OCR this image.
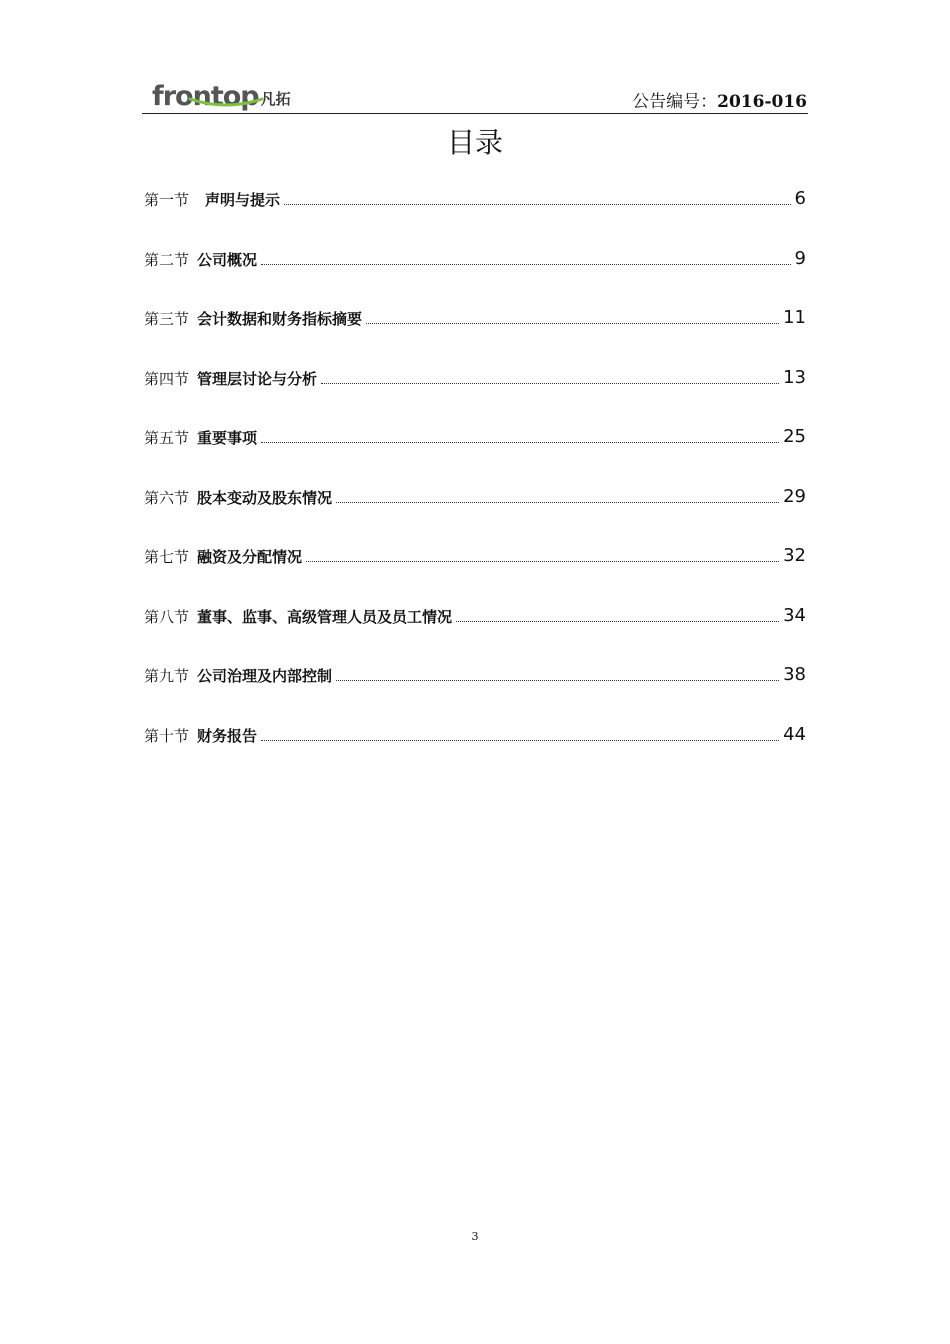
frontop 凡拓	公告编号：2016-016
目录
第一节 声明与提示	6
第二节 公司概况	9
第三节 会计数据和财务指标摘要	11
第四节 管理层讨论与分析	13
第五节 重要事项	25
第六节 股本变动及股东情况	29
第七节 融资及分配情况	32
第八节 董事、监事、高级管理人员及员工情况	34
第九节 公司治理及内部控制	38
第十节 财务报告	44
3
